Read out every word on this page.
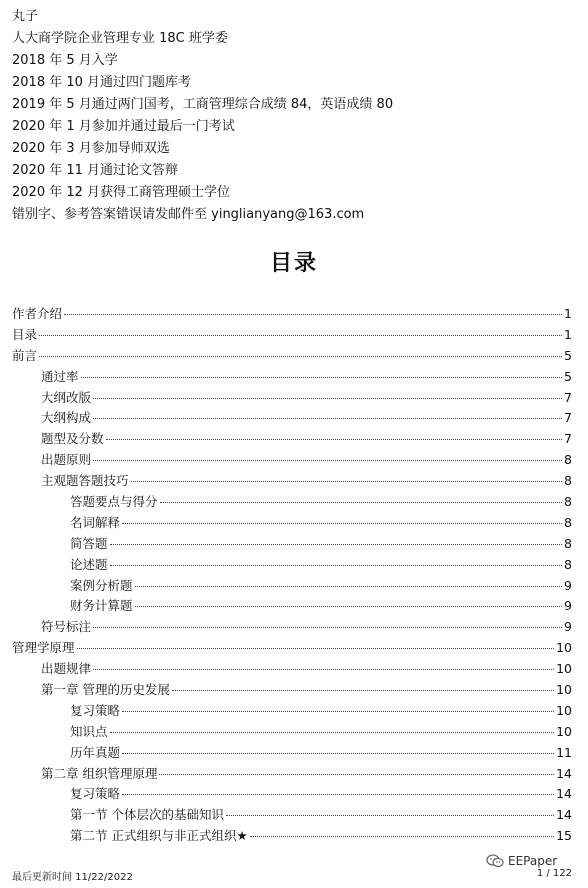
丸子
人大商学院企业管理专业 18C 班学委
2018 年 5 月入学
2018 年 10 月通过四门题库考
2019 年 5 月通过两门国考，工商管理综合成绩 84，英语成绩 80
2020 年 1 月参加并通过最后一门考试
2020 年 3 月参加导师双选
2020 年 11 月通过论文答辩
2020 年 12 月获得工商管理硕士学位
错别字、参考答案错误请发邮件至 yinglianyang@163.com
目录
作者介绍	1
目录	1
前言	5
通过率	5
大纲改版	7
大纲构成	7
题型及分数	7
出题原则	8
主观题答题技巧	8
答题要点与得分	8
名词解释	8
简答题	8
论述题	8
案例分析题	9
财务计算题	9
符号标注	9
管理学原理	10
出题规律	10
第一章 管理的历史发展	10
复习策略	10
知识点	10
历年真题	11
第二章 组织管理原理	14
复习策略	14
第一节 个体层次的基础知识	14
第二节 正式组织与非正式组织★	15
最后更新时间 11/22/2022
EEPaper
1 / 122
